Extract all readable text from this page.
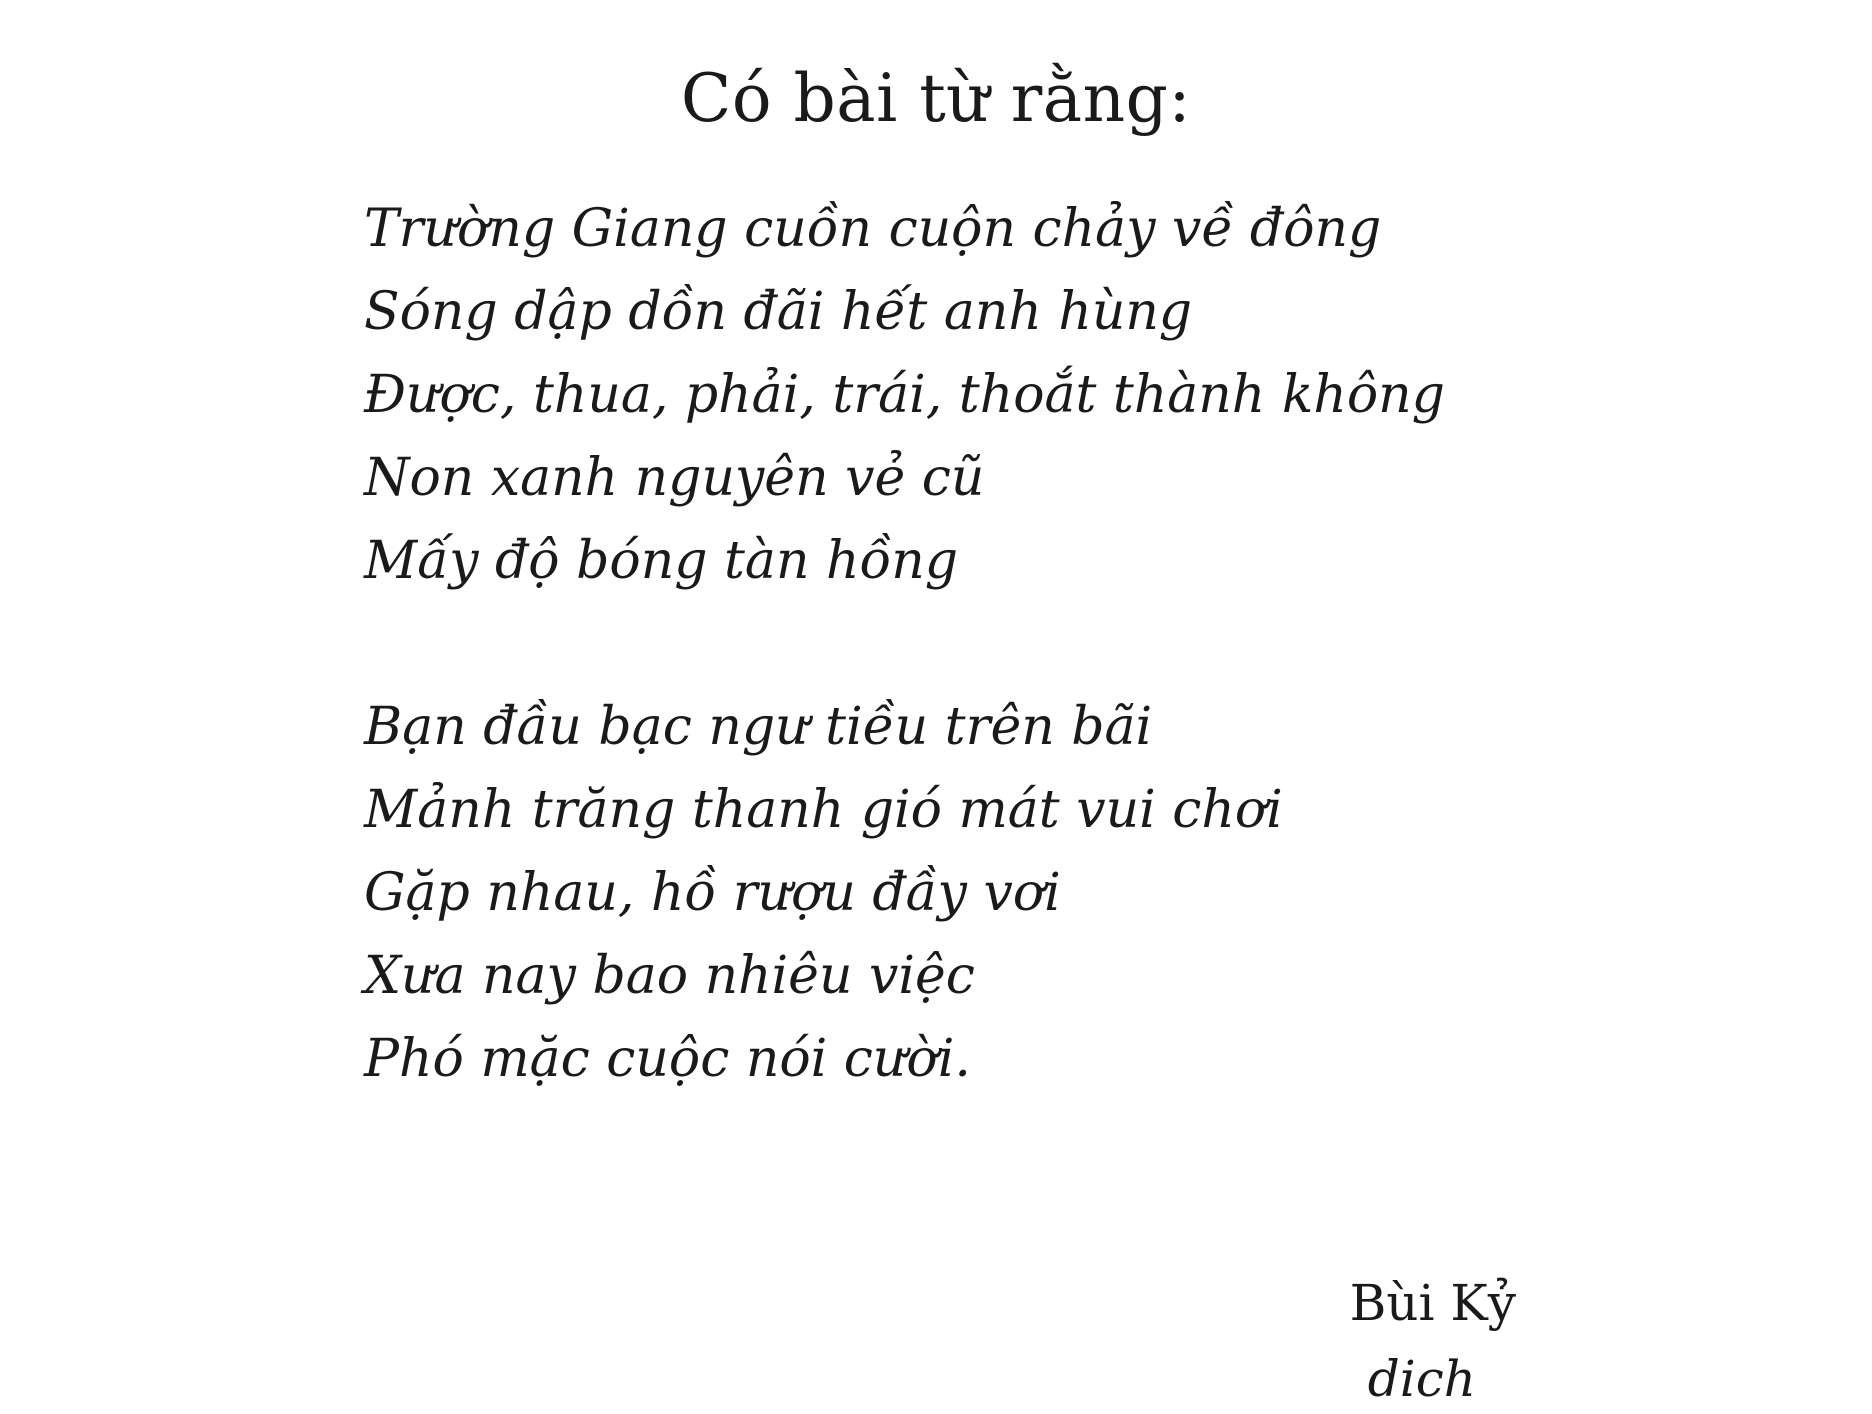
Có bài từ rằng:
Trường Giang cuồn cuộn chảy về đông
Sóng dập dồn đãi hết anh hùng
Được, thua, phải, trái, thoắt thành không
Non xanh nguyên vẻ cũ
Mấy độ bóng tàn hồng
Bạn đầu bạc ngư tiều trên bãi
Mảnh trăng thanh gió mát vui chơi
Gặp nhau, hồ rượu đầy vơi
Xưa nay bao nhiêu việc
Phó mặc cuộc nói cười.
Bùi Kỷ
dich
